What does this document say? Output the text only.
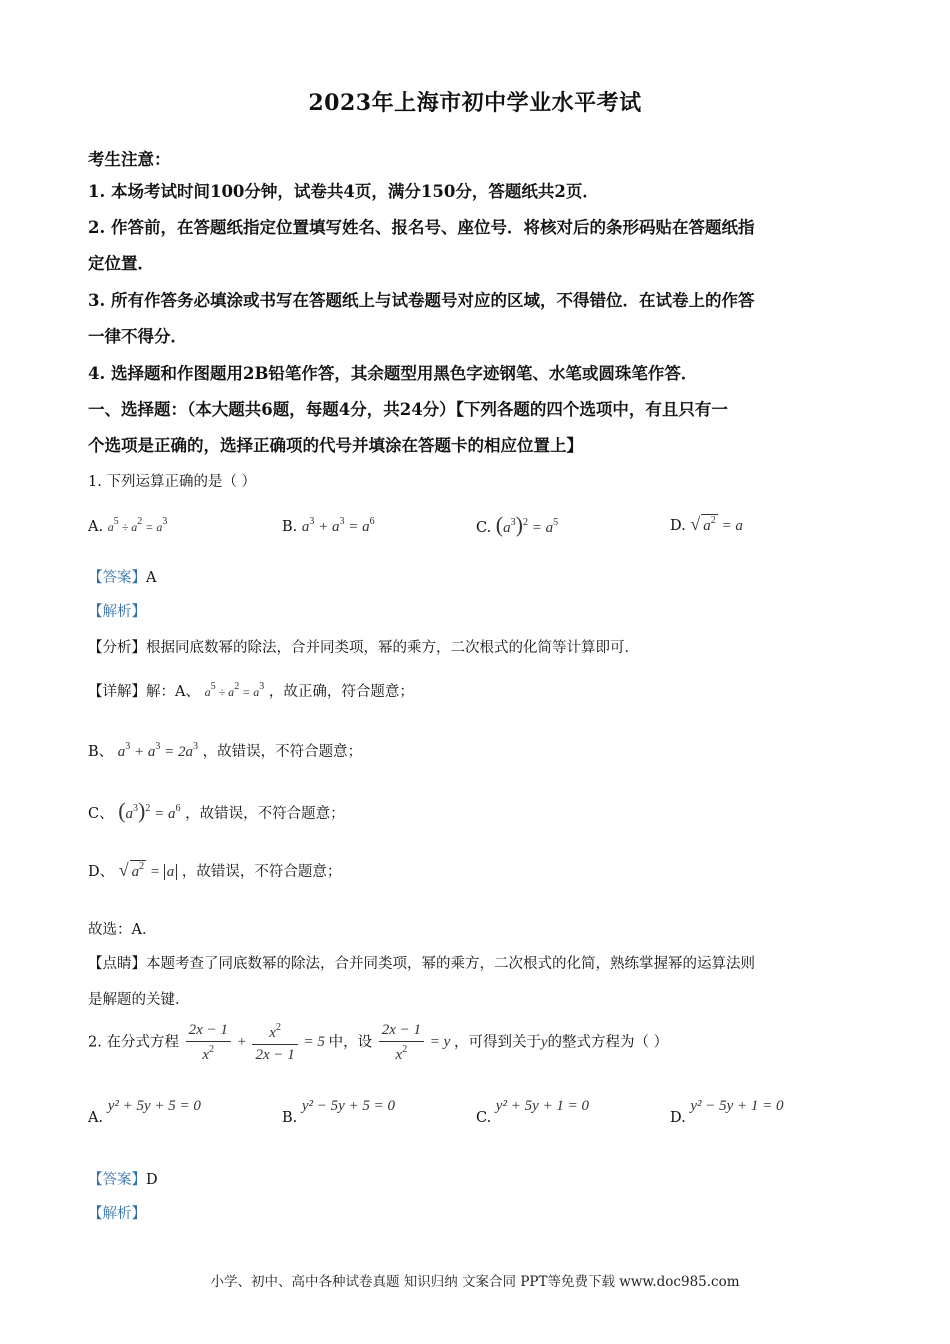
2023年上海市初中学业水平考试
考生注意：
1. 本场考试时间100分钟，试卷共4页，满分150分，答题纸共2页．
2. 作答前，在答题纸指定位置填写姓名、报名号、座位号．将核对后的条形码贴在答题纸指
定位置．
3. 所有作答务必填涂或书写在答题纸上与试卷题号对应的区域，不得错位．在试卷上的作答
一律不得分．
4. 选择题和作图题用2B铅笔作答，其余题型用黑色字迹钢笔、水笔或圆珠笔作答．
一、选择题：（本大题共6题，每题4分，共24分）【下列各题的四个选项中，有且只有一
个选项是正确的，选择正确项的代号并填涂在答题卡的相应位置上】
1. 下列运算正确的是（ ）
A. $a^5 \div a^2 = a^3$	B. $a^3 + a^3 = a^6$	C. $(a^3)^2 = a^5$	D. √ $a^2 = a$
【答案】A
【解析】
【分析】根据同底数幂的除法，合并同类项，幂的乘方，二次根式的化简等计算即可．
【详解】解：A、 $a^5 \div a^2 = a^3$ ，故正确，符合题意；
B、 $a^3 + a^3 = 2a^3$ ，故错误，不符合题意；
C、 $(a^3)^2 = a^6$ ，故错误，不符合题意；
D、 √ $a^2 = a$ ，故错误，不符合题意；
故选：A．
【点睛】本题考查了同底数幂的除法，合并同类项，幂的乘方，二次根式的化简，熟练掌握幂的运算法则
是解题的关键．
2. 在分式方程 $\frac{2x - 1}{x^2} + \frac{x^2}{2x - 1} = 5$ 中，设 $\frac{2x - 1}{x^2} = y$ ，可得到关于y的整式方程为（ ）
A. y² + 5y + 5 = 0
B. y² − 5y + 5 = 0
C. y² + 5y + 1 = 0
D. y² − 5y + 1 = 0
【答案】D
【解析】
小学、初中、高中各种试卷真题 知识归纳 文案合同 PPT等免费下载 www.doc985.com
